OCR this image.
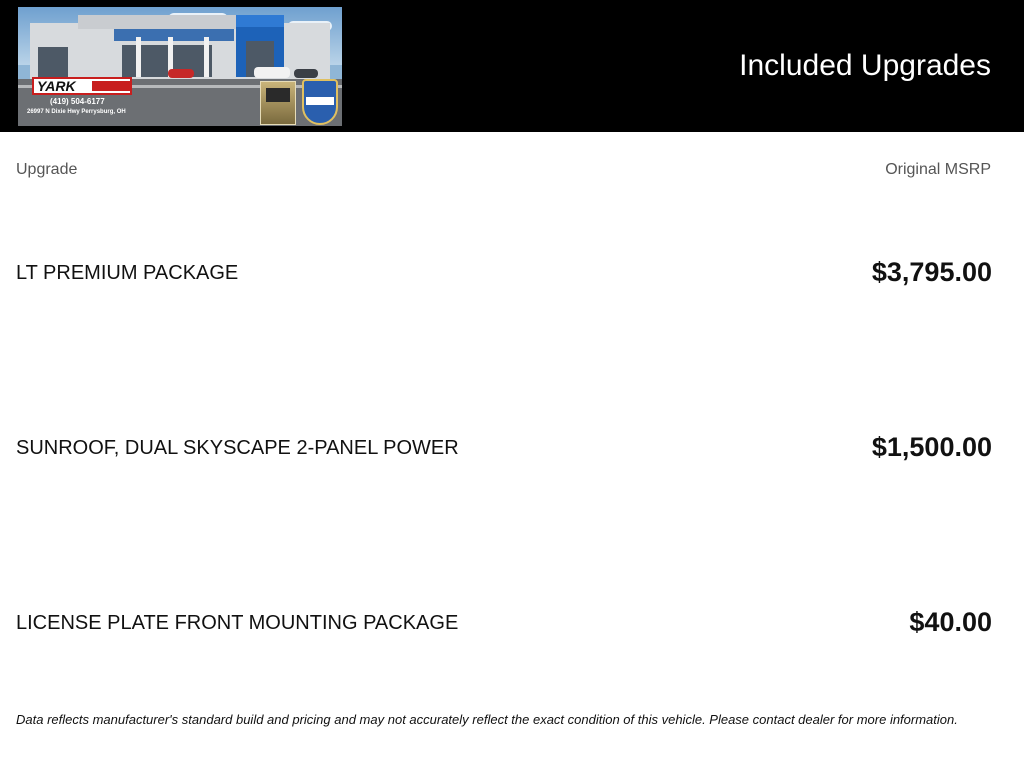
YARK
(419) 504-6177
26997 N Dixie Hwy Perrysburg, OH
Included Upgrades
Upgrade	Original MSRP
LT PREMIUM PACKAGE	$3,795.00
SUNROOF, DUAL SKYSCAPE 2-PANEL POWER	$1,500.00
LICENSE PLATE FRONT MOUNTING PACKAGE	$40.00
Data reflects manufacturer's standard build and pricing and may not accurately reflect the exact condition of this vehicle. Please contact dealer for more information.
